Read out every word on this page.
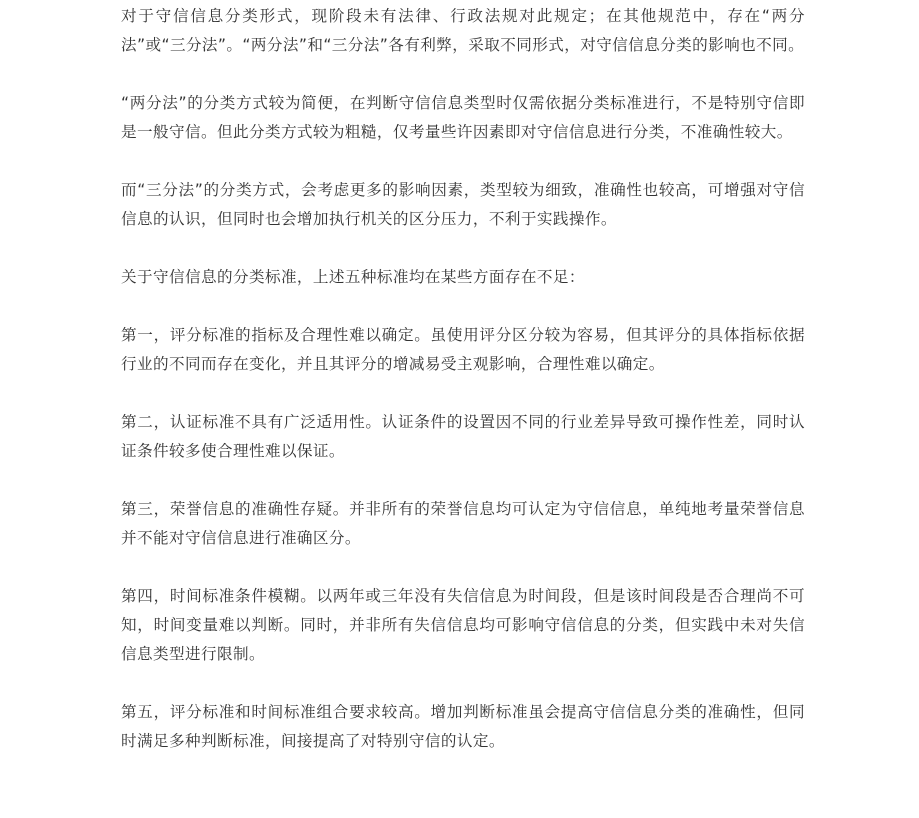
对于守信信息分类形式，现阶段未有法律、行政法规对此规定；在其他规范中，存在“两分法”或“三分法”。“两分法”和“三分法”各有利弊，采取不同形式，对守信信息分类的影响也不同。

“两分法”的分类方式较为简便，在判断守信信息类型时仅需依据分类标准进行，不是特别守信即是一般守信。但此分类方式较为粗糙，仅考量些许因素即对守信信息进行分类，不准确性较大。

而“三分法”的分类方式，会考虑更多的影响因素，类型较为细致，准确性也较高，可增强对守信信息的认识，但同时也会增加执行机关的区分压力，不利于实践操作。

关于守信信息的分类标准，上述五种标准均在某些方面存在不足：

第一，评分标准的指标及合理性难以确定。虽使用评分区分较为容易，但其评分的具体指标依据行业的不同而存在变化，并且其评分的增减易受主观影响，合理性难以确定。

第二，认证标准不具有广泛适用性。认证条件的设置因不同的行业差异导致可操作性差，同时认证条件较多使合理性难以保证。

第三，荣誉信息的准确性存疑。并非所有的荣誉信息均可认定为守信信息，单纯地考量荣誉信息并不能对守信信息进行准确区分。

第四，时间标准条件模糊。以两年或三年没有失信信息为时间段，但是该时间段是否合理尚不可知，时间变量难以判断。同时，并非所有失信信息均可影响守信信息的分类，但实践中未对失信信息类型进行限制。

第五，评分标准和时间标准组合要求较高。增加判断标准虽会提高守信信息分类的准确性，但同时满足多种判断标准，间接提高了对特别守信的认定。
